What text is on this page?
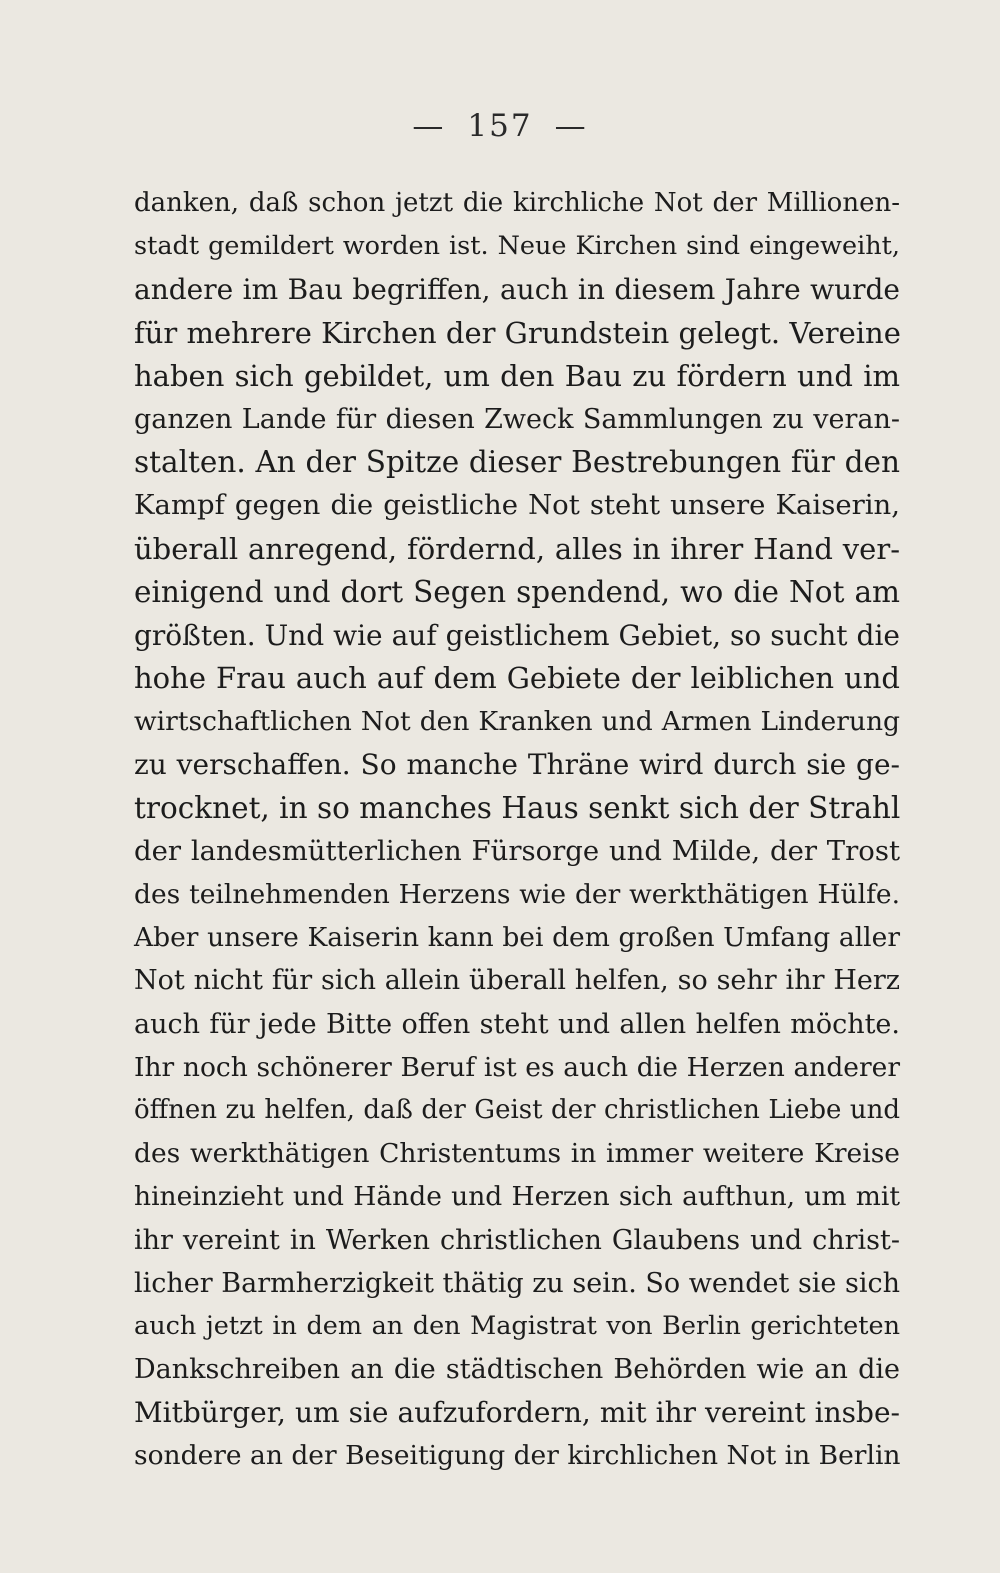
— 157 —
danken, daß schon jetzt die kirchliche Not der Millionen-
stadt gemildert worden ist. Neue Kirchen sind eingeweiht,
andere im Bau begriffen, auch in diesem Jahre wurde
für mehrere Kirchen der Grundstein gelegt. Vereine
haben sich gebildet, um den Bau zu fördern und im
ganzen Lande für diesen Zweck Sammlungen zu veran-
stalten. An der Spitze dieser Bestrebungen für den
Kampf gegen die geistliche Not steht unsere Kaiserin,
überall anregend, fördernd, alles in ihrer Hand ver-
einigend und dort Segen spendend, wo die Not am
größten. Und wie auf geistlichem Gebiet, so sucht die
hohe Frau auch auf dem Gebiete der leiblichen und
wirtschaftlichen Not den Kranken und Armen Linderung
zu verschaffen. So manche Thräne wird durch sie ge-
trocknet, in so manches Haus senkt sich der Strahl
der landesmütterlichen Fürsorge und Milde, der Trost
des teilnehmenden Herzens wie der werkthätigen Hülfe.
Aber unsere Kaiserin kann bei dem großen Umfang aller
Not nicht für sich allein überall helfen, so sehr ihr Herz
auch für jede Bitte offen steht und allen helfen möchte.
Ihr noch schönerer Beruf ist es auch die Herzen anderer
öffnen zu helfen, daß der Geist der christlichen Liebe und
des werkthätigen Christentums in immer weitere Kreise
hineinzieht und Hände und Herzen sich aufthun, um mit
ihr vereint in Werken christlichen Glaubens und christ-
licher Barmherzigkeit thätig zu sein. So wendet sie sich
auch jetzt in dem an den Magistrat von Berlin gerichteten
Dankschreiben an die städtischen Behörden wie an die
Mitbürger, um sie aufzufordern, mit ihr vereint insbe-
sondere an der Beseitigung der kirchlichen Not in Berlin
